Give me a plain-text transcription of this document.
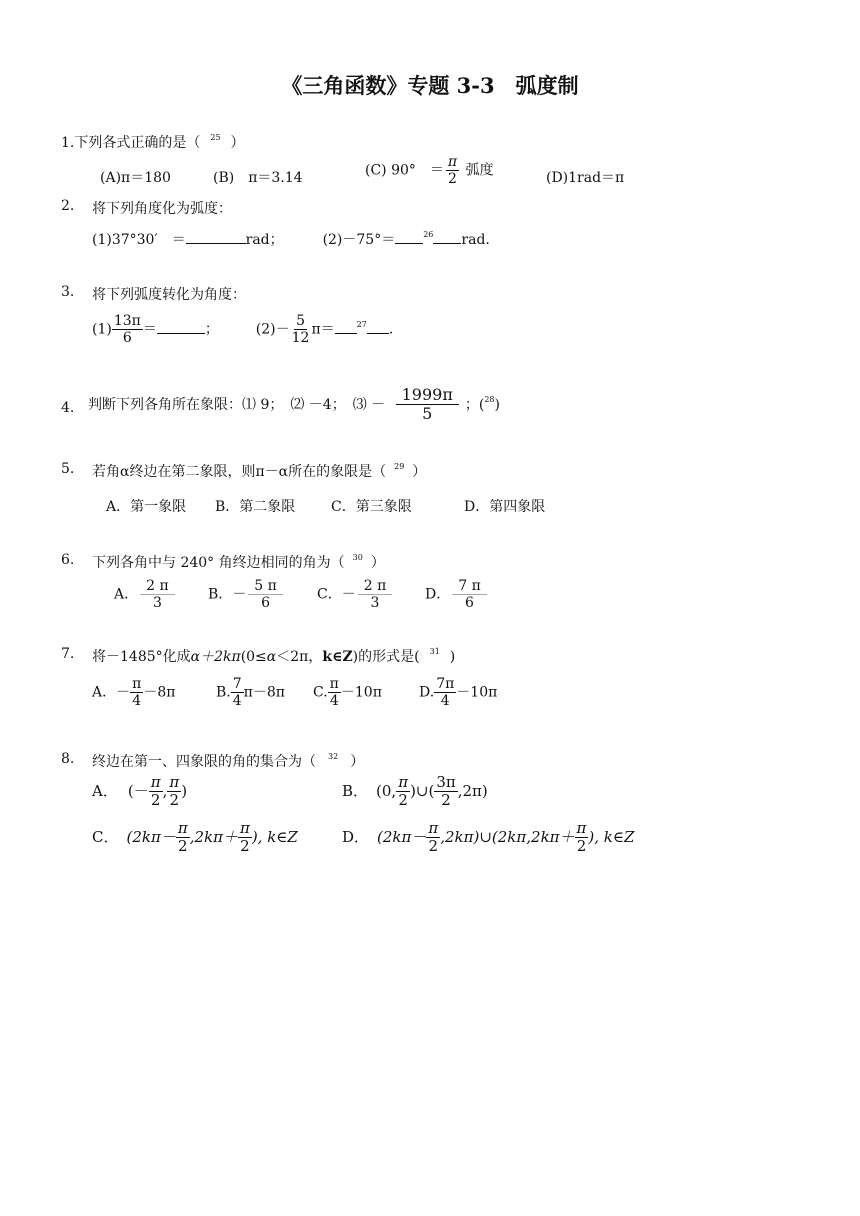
《三角函数》专题 3-3　弧度制
1.下列各式正确的是（ $^{25}$ ）
(A)π＝180	(B)　π＝3.14	(C) 90°　＝ $\frac{\pi}{2}$ 弧度	(D)1rad＝π
2. 将下列角度化为弧度：
(1)37°30′　＝	rad；	(2)－75°＝	$^{26}$ rad.
3. 将下列弧度转化为角度：
$(1) \frac{13\pi}{6}$ ＝	；	$(2)- \frac{5}{12} \pi=$	$^{27}$ .
4. 判断下列各角所在象限：⑴ 9；　⑵ －4；　⑶ － $\frac{1999\pi}{5}$ ；($^{28}$)
5. 若角α终边在第二象限，则π－α所在的象限是（ $^{29}$ ）
A．第一象限 B．第二象限	C．第三象限	D．第四象限
6. 下列各角中与 240° 角终边相同的角为（ $^{30}$ ）
A． $\frac{2 \pi}{3}$ B．－ $\frac{5 \pi}{6}$ C．－ $\frac{2 \pi}{3}$ D． $\frac{7 \pi}{6}$
7. 将－1485°化成α＋2kπ(0≤α＜2π，k∈Z)的形式是( $^{31}$ )
A．－ $\frac{\pi}{4} -8\pi$	B. $\frac{7}{4} \pi-8\pi$ C. $\frac{\pi}{4} -10\pi$	D. $\frac{7\pi}{4} -10\pi$
8. 终边在第一、四象限的角的集合为（ $^{32}$ ）
A． (－ $\frac{\pi}{2}$ , $\frac{\pi}{2}$ )	B． (0, $\frac{\pi}{2}$ )∪( $\frac{3\pi}{2} ,2\pi$)
C． ($2k\pi- \frac{\pi}{2} ,2k\pi+ \frac{\pi}{2}$ ), k∈Z	D． ($2k\pi- \frac{\pi}{2}$ ,2kπ)∪(2kπ,2kπ＋ $\frac{\pi}{2}$ ), k∈Z
